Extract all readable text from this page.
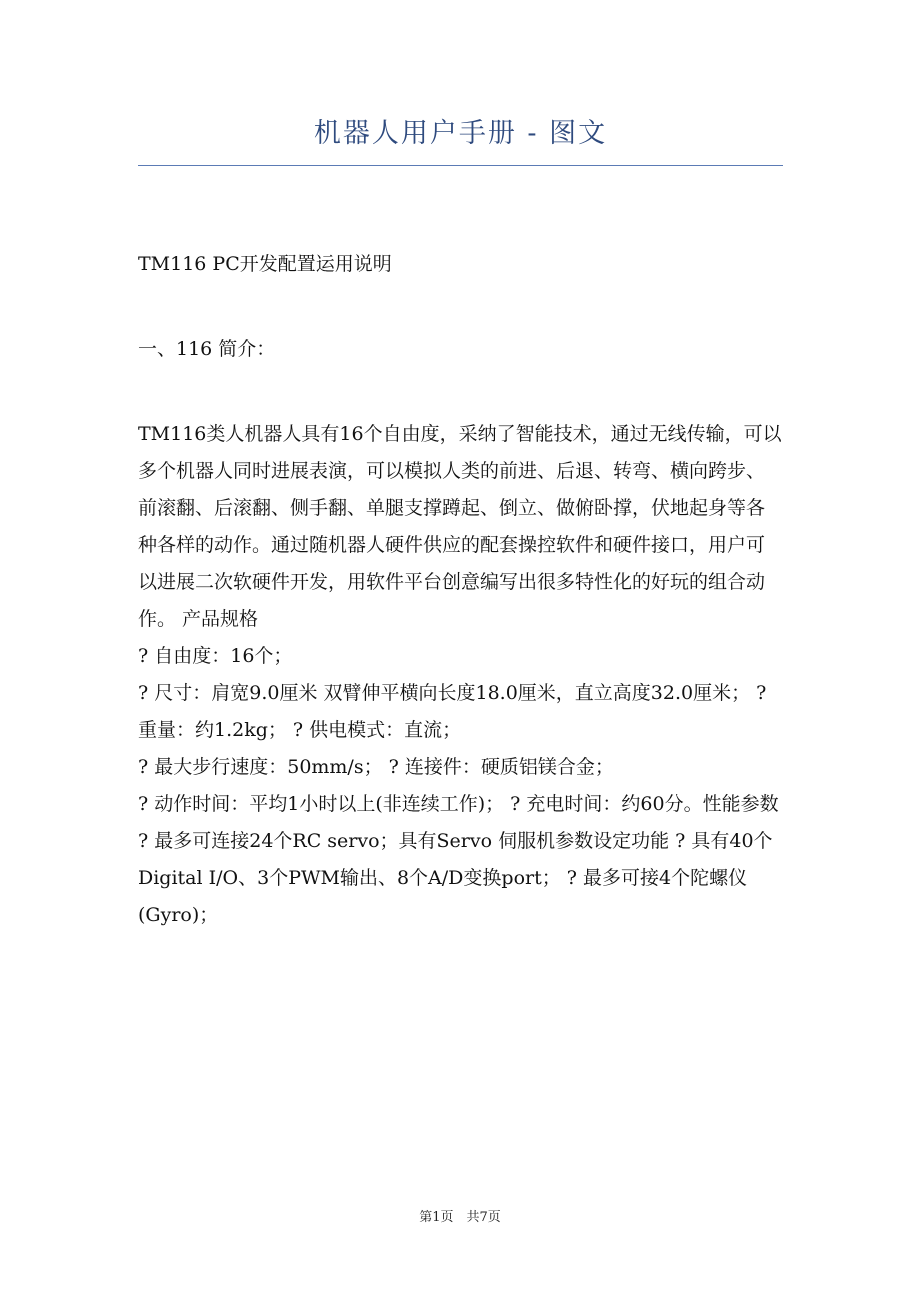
机器人用户手册 - 图文

TM116 PC开发配置运用说明

一、116 简介：

TM116类人机器人具有16个自由度，采纳了智能技术，通过无线传输，可以多个机器人同时进展表演，可以模拟人类的前进、后退、转弯、横向跨步、前滚翻、后滚翻、侧手翻、单腿支撑蹲起、倒立、做俯卧撑，伏地起身等各种各样的动作。通过随机器人硬件供应的配套操控软件和硬件接口，用户可以进展二次软硬件开发，用软件平台创意编写出很多特性化的好玩的组合动作。 产品规格

? 自由度：16个；

? 尺寸：肩宽9.0厘米 双臂伸平横向长度18.0厘米，直立高度32.0厘米； ? 重量：约1.2kg； ? 供电模式：直流；

? 最大步行速度：50mm/s； ? 连接件：硬质铝镁合金；

? 动作时间：平均1小时以上(非连续工作)； ? 充电时间：约60分。性能参数

? 最多可连接24个RC servo；具有Servo 伺服机参数设定功能 ? 具有40个Digital I/O、3个PWM输出、8个A/D变换port； ? 最多可接4个陀螺仪 (Gyro)；

第1页　共7页
